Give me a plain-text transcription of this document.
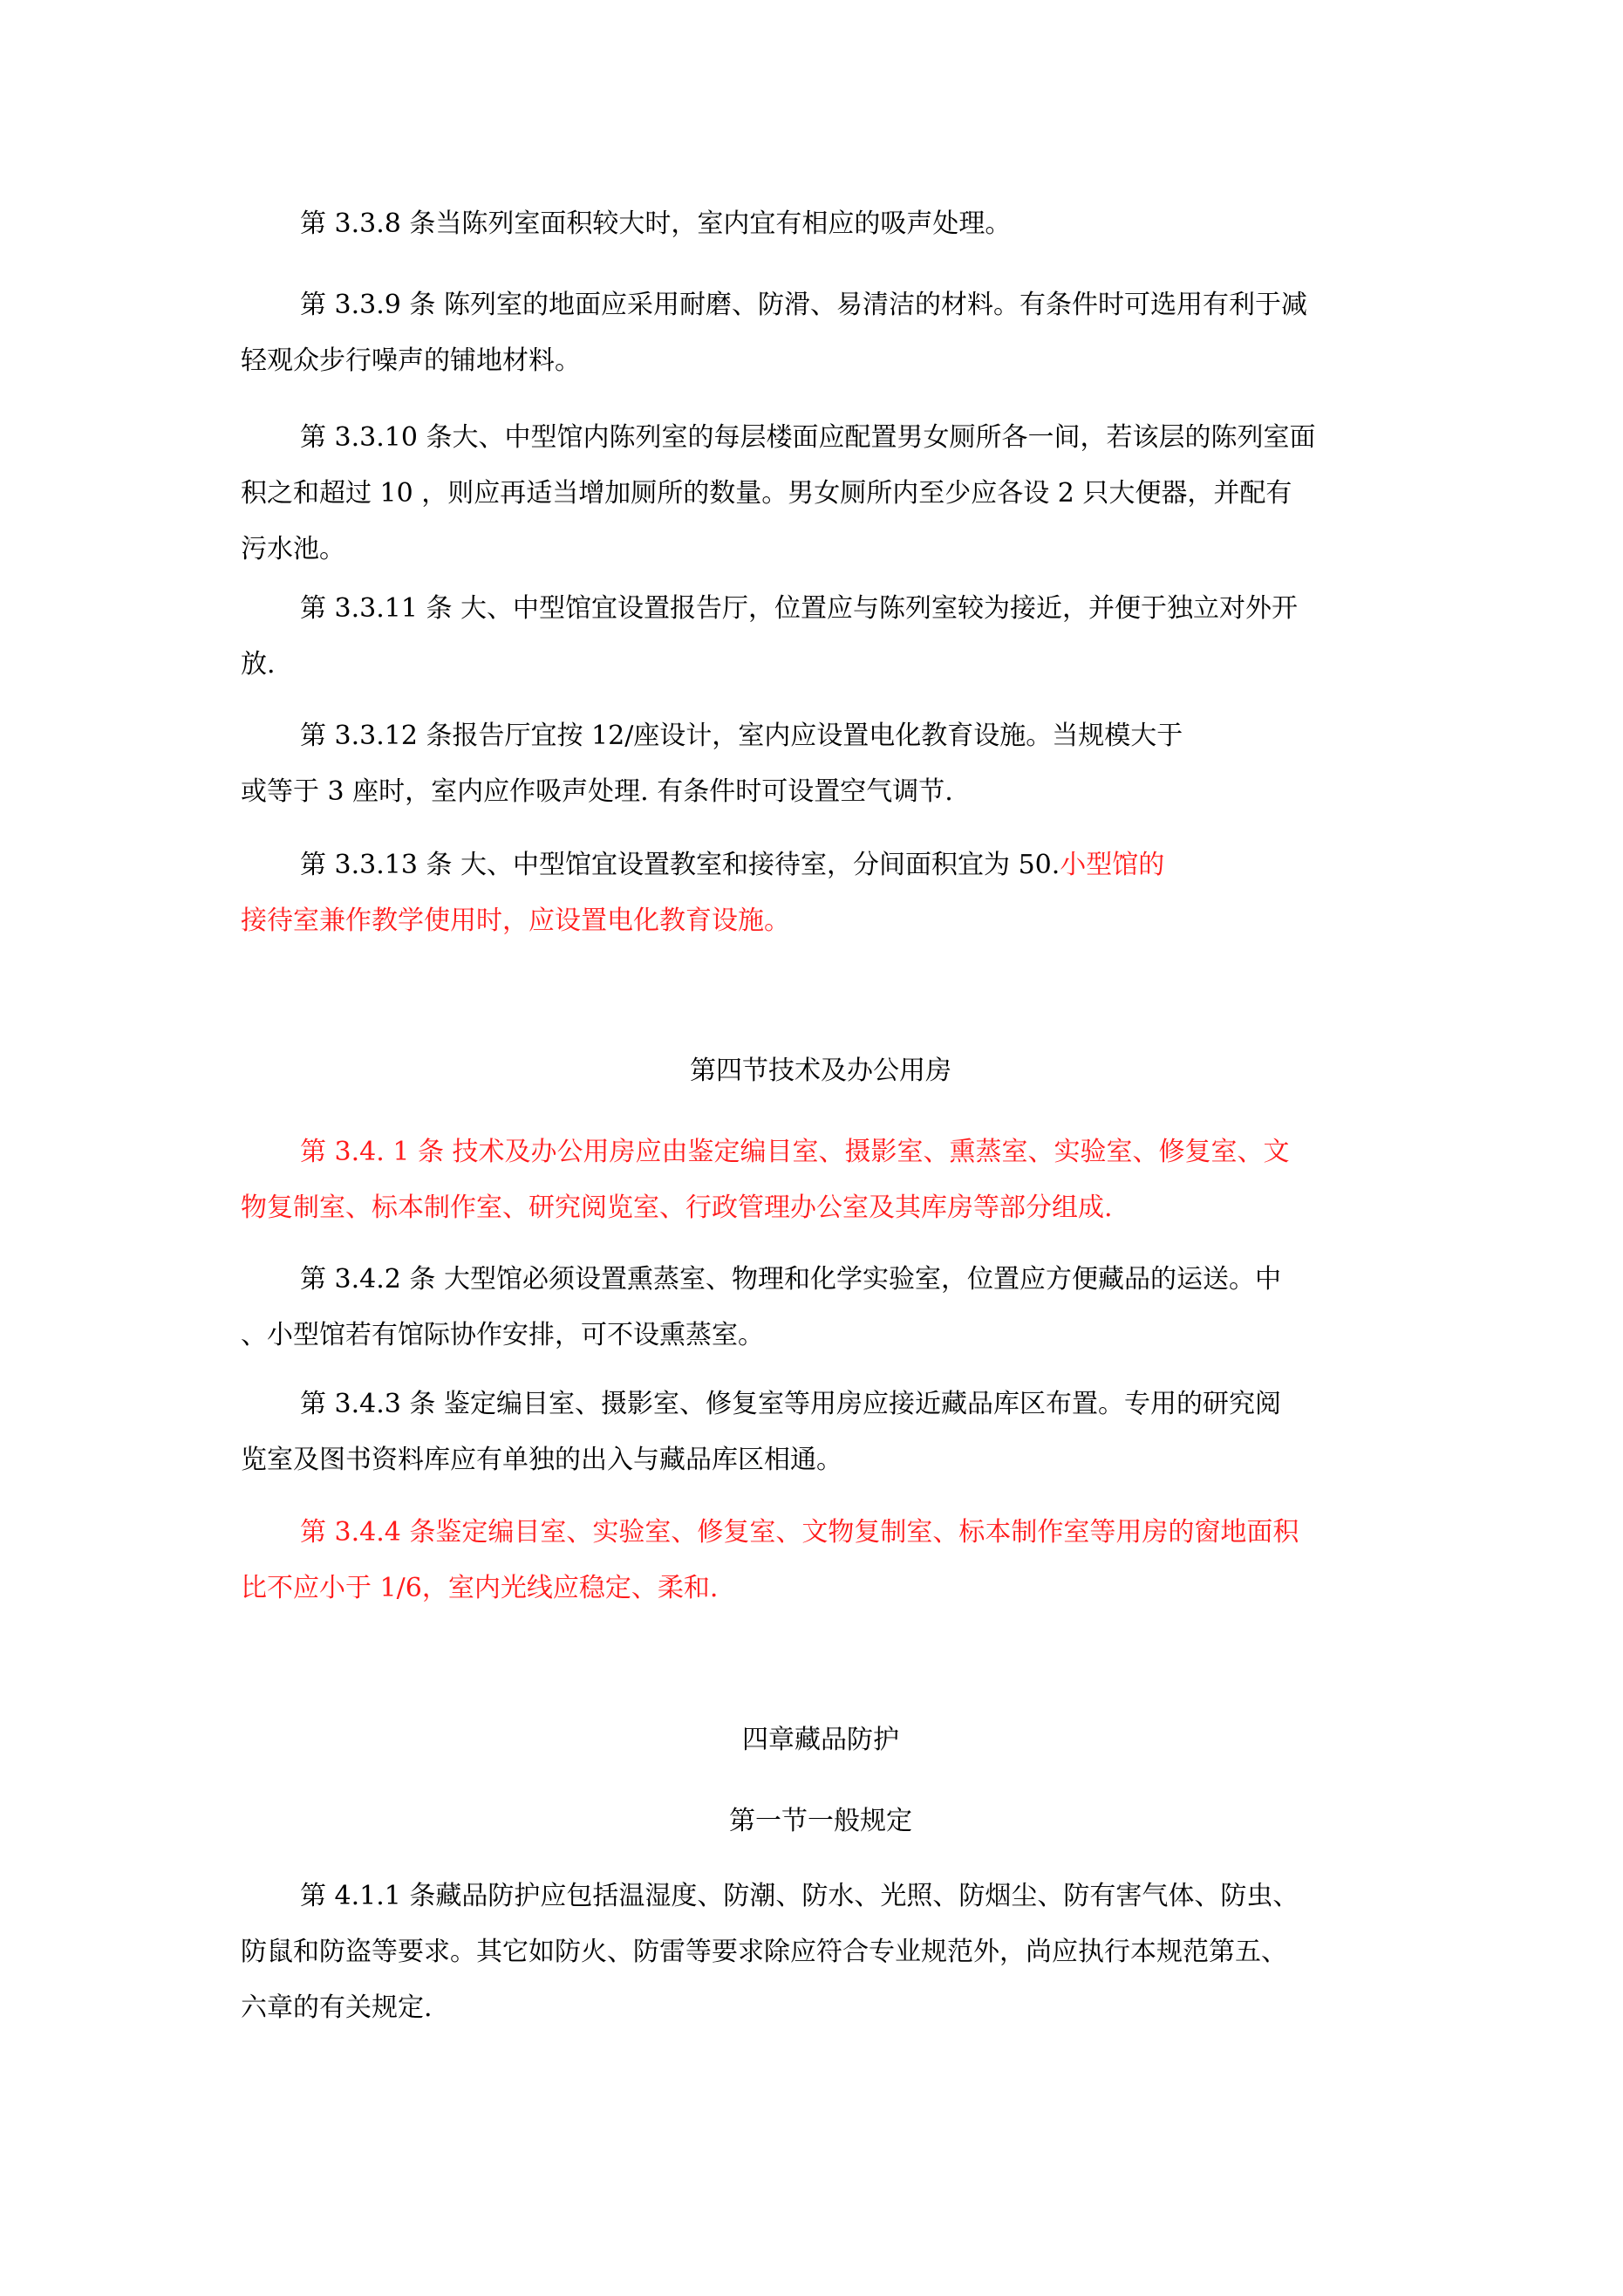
第 3.3.8 条当陈列室面积较大时，室内宜有相应的吸声处理。

第 3.3.9 条 陈列室的地面应采用耐磨、防滑、易清洁的材料。有条件时可选用有利于减
轻观众步行噪声的铺地材料。

第 3.3.10 条大、中型馆内陈列室的每层楼面应配置男女厕所各一间，若该层的陈列室面
积之和超过 10 ，则应再适当增加厕所的数量。男女厕所内至少应各设 2 只大便器，并配有
污水池。

第 3.3.11 条 大、中型馆宜设置报告厅，位置应与陈列室较为接近，并便于独立对外开
放.

第 3.3.12 条报告厅宜按 12/座设计，室内应设置电化教育设施。当规模大于
或等于 3 座时，室内应作吸声处理. 有条件时可设置空气调节.

第 3.3.13 条 大、中型馆宜设置教室和接待室，分间面积宜为 50.小型馆的
接待室兼作教学使用时，应设置电化教育设施。

第四节技术及办公用房

第 3.4. 1 条 技术及办公用房应由鉴定编目室、摄影室、熏蒸室、实验室、修复室、文
物复制室、标本制作室、研究阅览室、行政管理办公室及其库房等部分组成.

第 3.4.2 条 大型馆必须设置熏蒸室、物理和化学实验室，位置应方便藏品的运送。中
、小型馆若有馆际协作安排，可不设熏蒸室。

第 3.4.3 条 鉴定编目室、摄影室、修复室等用房应接近藏品库区布置。专用的研究阅
览室及图书资料库应有单独的出入与藏品库区相通。

第 3.4.4 条鉴定编目室、实验室、修复室、文物复制室、标本制作室等用房的窗地面积
比不应小于 1/6，室内光线应稳定、柔和.

四章藏品防护
第一节一般规定

第 4.1.1 条藏品防护应包括温湿度、防潮、防水、光照、防烟尘、防有害气体、防虫、
防鼠和防盗等要求。其它如防火、防雷等要求除应符合专业规范外，尚应执行本规范第五、
六章的有关规定.
